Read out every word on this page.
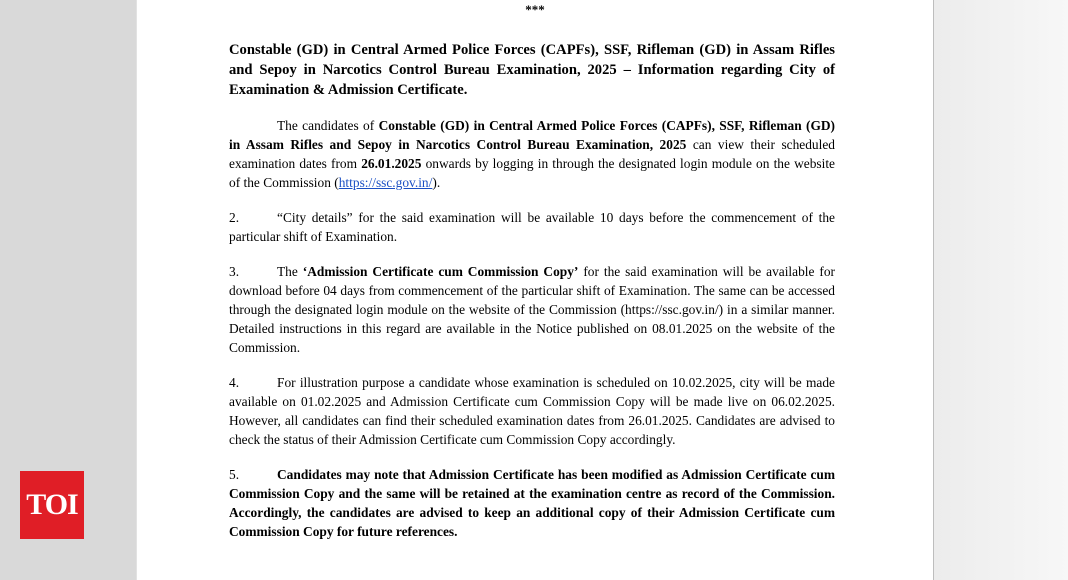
***
Constable (GD) in Central Armed Police Forces (CAPFs), SSF, Rifleman (GD) in Assam Rifles and Sepoy in Narcotics Control Bureau Examination, 2025 – Information regarding City of Examination & Admission Certificate.

The candidates of Constable (GD) in Central Armed Police Forces (CAPFs), SSF, Rifleman (GD) in Assam Rifles and Sepoy in Narcotics Control Bureau Examination, 2025 can view their scheduled examination dates from 26.01.2025 onwards by logging in through the designated login module on the website of the Commission (https://ssc.gov.in/).

2.	“City details” for the said examination will be available 10 days before the commencement of the particular shift of Examination.

3.	The ‘Admission Certificate cum Commission Copy’ for the said examination will be available for download before 04 days from commencement of the particular shift of Examination. The same can be accessed through the designated login module on the website of the Commission (https://ssc.gov.in/) in a similar manner. Detailed instructions in this regard are available in the Notice published on 08.01.2025 on the website of the Commission.

4.	For illustration purpose a candidate whose examination is scheduled on 10.02.2025, city will be made available on 01.02.2025 and Admission Certificate cum Commission Copy will be made live on 06.02.2025. However, all candidates can find their scheduled examination dates from 26.01.2025. Candidates are advised to check the status of their Admission Certificate cum Commission Copy accordingly.

5.	Candidates may note that Admission Certificate has been modified as Admission Certificate cum Commission Copy and the same will be retained at the examination centre as record of the Commission. Accordingly, the candidates are advised to keep an additional copy of their Admission Certificate cum Commission Copy for future references.

TOI
